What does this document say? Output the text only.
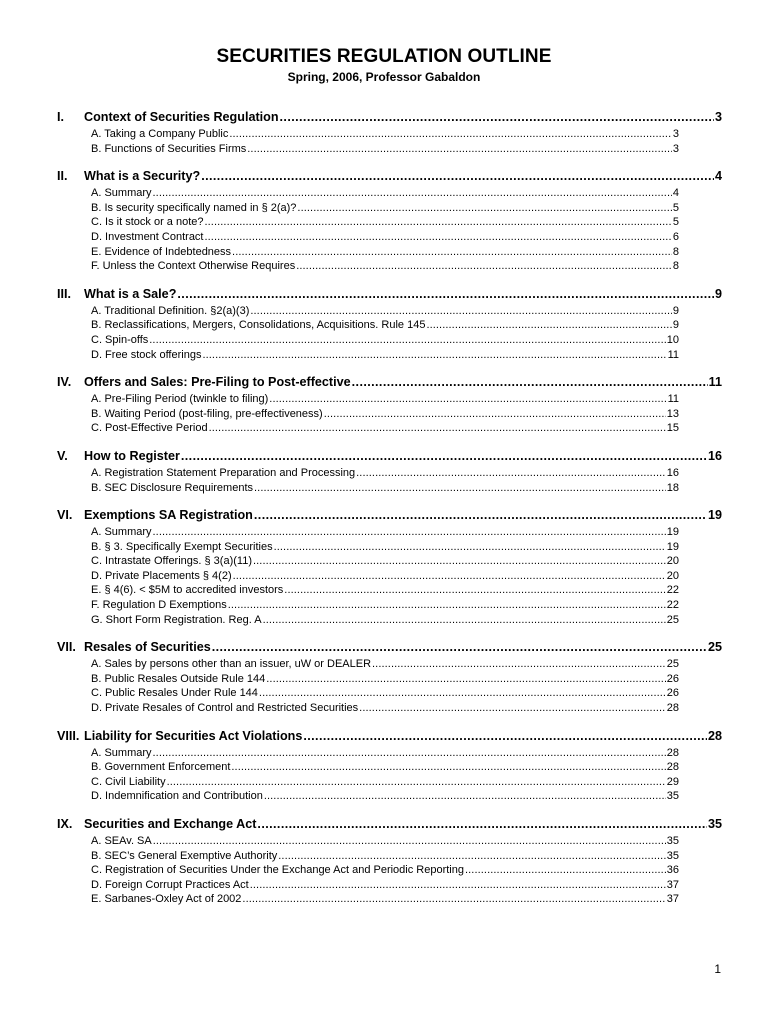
SECURITIES REGULATION OUTLINE
Spring, 2006, Professor Gabaldon
I.	Context of Securities Regulation .....	3
A. Taking a Company Public .....	3
B. Functions of Securities Firms .....	3
II.	What is a Security? .....	4
A. Summary .....	4
B. Is security specifically named in § 2(a)? .....	5
C. Is it stock or a note? .....	5
D. Investment Contract .....	6
E. Evidence of Indebtedness .....	8
F. Unless the Context Otherwise Requires .....	8
III.	What is a Sale? .....	9
A. Traditional Definition. §2(a)(3) .....	9
B. Reclassifications, Mergers, Consolidations, Acquisitions. Rule 145 .....	9
C. Spin-offs .....	10
D. Free stock offerings .....	11
IV.	Offers and Sales: Pre-Filing to Post-effective .....	11
A. Pre-Filing Period (twinkle to filing) .....	11
B. Waiting Period (post-filing, pre-effectiveness) .....	13
C. Post-Effective Period .....	15
V.	How to Register .....	16
A. Registration Statement Preparation and Processing .....	16
B. SEC Disclosure Requirements .....	18
VI. Exemptions SA Registration .....	19
A. Summary .....	19
B. § 3. Specifically Exempt Securities .....	19
C. Intrastate Offerings. § 3(a)(11) .....	20
D. Private Placements § 4(2) .....	20
E. § 4(6). < $5M to accredited investors .....	22
F. Regulation D Exemptions .....	22
G. Short Form Registration. Reg. A .....	25
VII. Resales of Securities .....	25
A. Sales by persons other than an issuer, uW or DEALER .....	25
B. Public Resales Outside Rule 144 .....	26
C. Public Resales Under Rule 144 .....	26
D. Private Resales of Control and Restricted Securities .....	28
VIII. Liability for Securities Act Violations .....	28
A. Summary .....	28
B. Government Enforcement .....	28
C. Civil Liability .....	29
D. Indemnification and Contribution .....	35
IX. Securities and Exchange Act .....	35
A. SEAv. SA .....	35
B. SEC’s General Exemptive Authority .....	35
C. Registration of Securities Under the Exchange Act and Periodic Reporting .....	36
D. Foreign Corrupt Practices Act .....	37
E. Sarbanes-Oxley Act of 2002 .....	37
1
